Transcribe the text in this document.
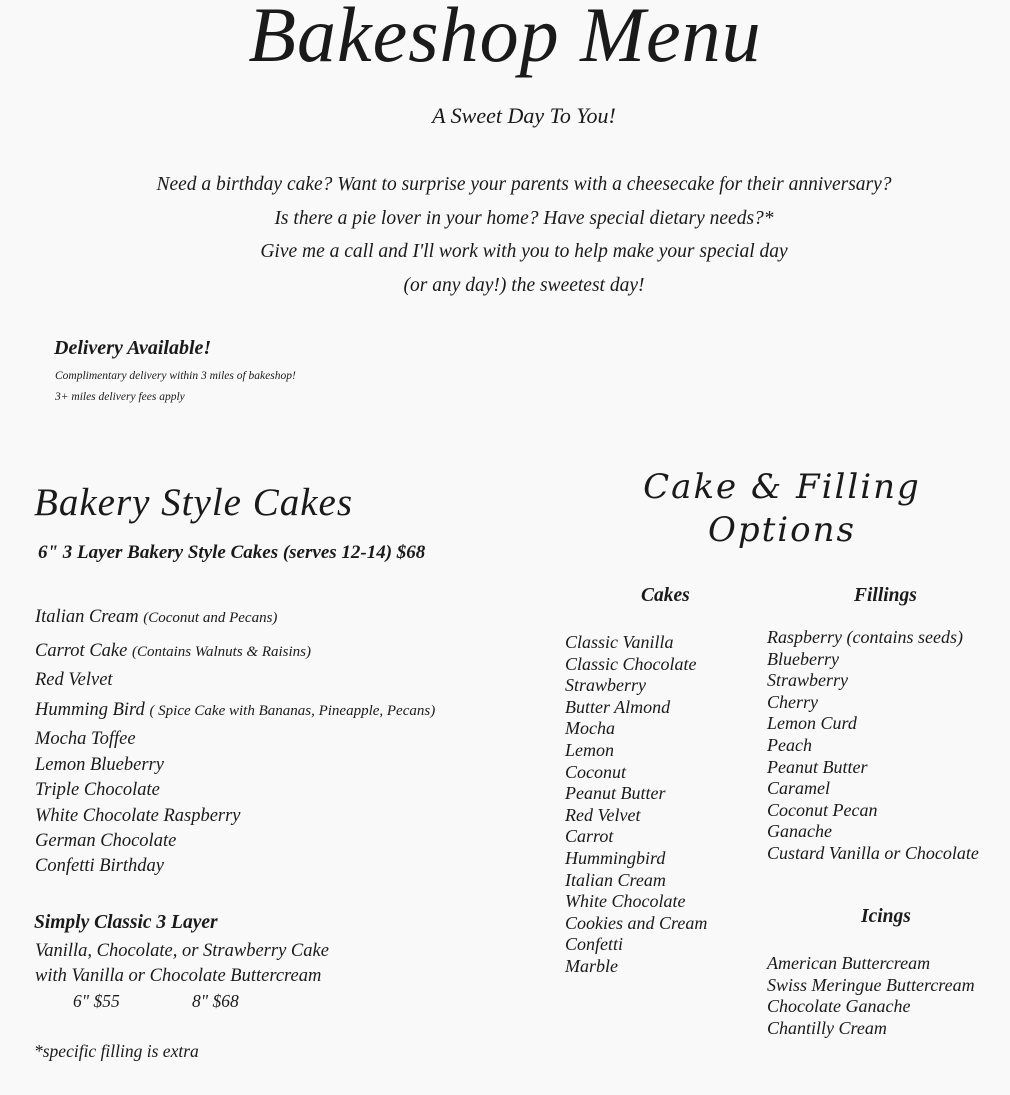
Bakeshop Menu
A Sweet Day To You!
Need a birthday cake? Want to surprise your parents with a cheesecake for their anniversary?
Is there a pie lover in your home? Have special dietary needs?*
Give me a call and I'll work with you to help make your special day
(or any day!) the sweetest day!
Delivery Available!
Complimentary delivery within 3 miles of bakeshop!
3+ miles delivery fees apply
Bakery Style Cakes
6" 3 Layer Bakery Style Cakes (serves 12-14) $68
Italian Cream (Coconut and Pecans)
Carrot Cake (Contains Walnuts & Raisins)
Red Velvet
Humming Bird ( Spice Cake with Bananas, Pineapple, Pecans)
Mocha Toffee
Lemon Blueberry
Triple Chocolate
White Chocolate Raspberry
German Chocolate
Confetti Birthday
Simply Classic 3 Layer
Vanilla, Chocolate, or Strawberry Cake
with Vanilla or Chocolate Buttercream
6" $55	8" $68
*specific filling is extra
Cake & Filling
Options
Cakes
Classic Vanilla
Classic Chocolate
Strawberry
Butter Almond
Mocha
Lemon
Coconut
Peanut Butter
Red Velvet
Carrot
Hummingbird
Italian Cream
White Chocolate
Cookies and Cream
Confetti
Marble
Fillings
Raspberry (contains seeds)
Blueberry
Strawberry
Cherry
Lemon Curd
Peach
Peanut Butter
Caramel
Coconut Pecan
Ganache
Custard Vanilla or Chocolate
Icings
American Buttercream
Swiss Meringue Buttercream
Chocolate Ganache
Chantilly Cream
